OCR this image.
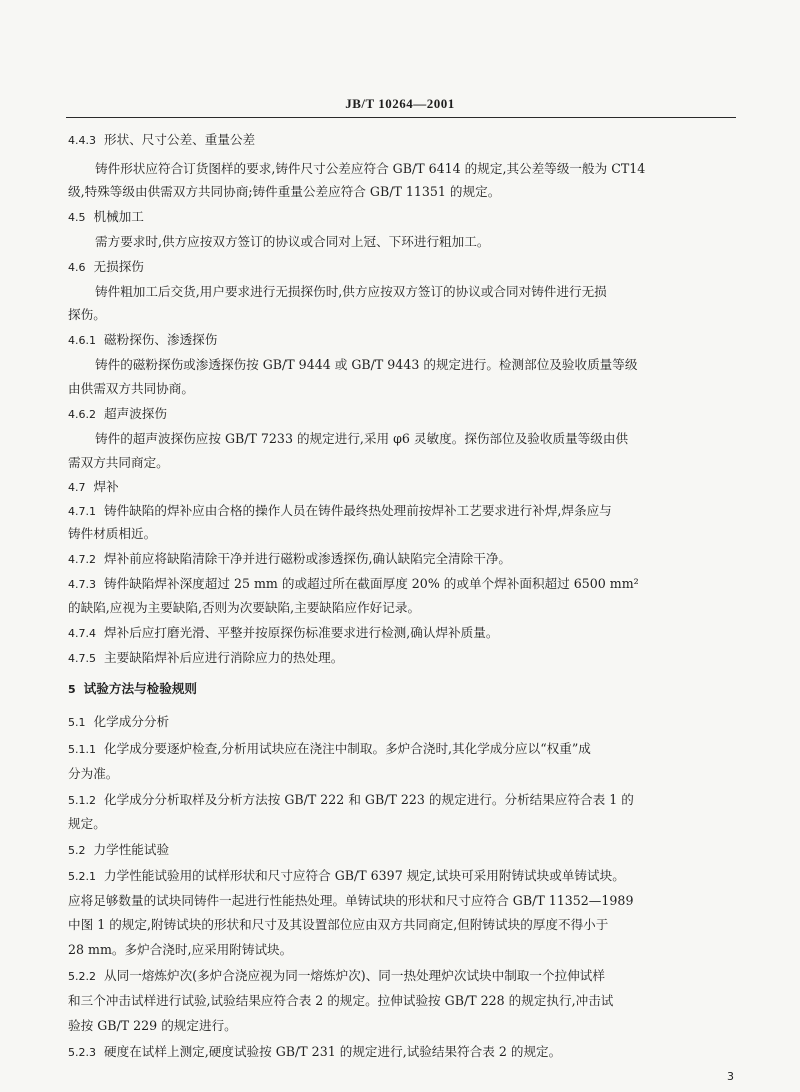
JB/T 10264—2001
4.4.3 形状、尺寸公差、重量公差
铸件形状应符合订货图样的要求,铸件尺寸公差应符合 GB/T 6414 的规定,其公差等级一般为 CT14
级,特殊等级由供需双方共同协商;铸件重量公差应符合 GB/T 11351 的规定。
4.5 机械加工
需方要求时,供方应按双方签订的协议或合同对上冠、下环进行粗加工。
4.6 无损探伤
铸件粗加工后交货,用户要求进行无损探伤时,供方应按双方签订的协议或合同对铸件进行无损
探伤。
4.6.1 磁粉探伤、渗透探伤
铸件的磁粉探伤或渗透探伤按 GB/T 9444 或 GB/T 9443 的规定进行。检测部位及验收质量等级
由供需双方共同协商。
4.6.2 超声波探伤
铸件的超声波探伤应按 GB/T 7233 的规定进行,采用 φ6 灵敏度。探伤部位及验收质量等级由供
需双方共同商定。
4.7 焊补
4.7.1 铸件缺陷的焊补应由合格的操作人员在铸件最终热处理前按焊补工艺要求进行补焊,焊条应与
铸件材质相近。
4.7.2 焊补前应将缺陷清除干净并进行磁粉或渗透探伤,确认缺陷完全清除干净。
4.7.3 铸件缺陷焊补深度超过 25 mm 的或超过所在截面厚度 20% 的或单个焊补面积超过 6500 mm²
的缺陷,应视为主要缺陷,否则为次要缺陷,主要缺陷应作好记录。
4.7.4 焊补后应打磨光滑、平整并按原探伤标准要求进行检测,确认焊补质量。
4.7.5 主要缺陷焊补后应进行消除应力的热处理。
5 试验方法与检验规则
5.1 化学成分分析
5.1.1 化学成分要逐炉检查,分析用试块应在浇注中制取。多炉合浇时,其化学成分应以“权重”成
分为准。
5.1.2 化学成分分析取样及分析方法按 GB/T 222 和 GB/T 223 的规定进行。分析结果应符合表 1 的
规定。
5.2 力学性能试验
5.2.1 力学性能试验用的试样形状和尺寸应符合 GB/T 6397 规定,试块可采用附铸试块或单铸试块。
应将足够数量的试块同铸件一起进行性能热处理。单铸试块的形状和尺寸应符合 GB/T 11352—1989
中图 1 的规定,附铸试块的形状和尺寸及其设置部位应由双方共同商定,但附铸试块的厚度不得小于
28 mm。多炉合浇时,应采用附铸试块。
5.2.2 从同一熔炼炉次(多炉合浇应视为同一熔炼炉次)、同一热处理炉次试块中制取一个拉伸试样
和三个冲击试样进行试验,试验结果应符合表 2 的规定。拉伸试验按 GB/T 228 的规定执行,冲击试
验按 GB/T 229 的规定进行。
5.2.3 硬度在试样上测定,硬度试验按 GB/T 231 的规定进行,试验结果符合表 2 的规定。
3
